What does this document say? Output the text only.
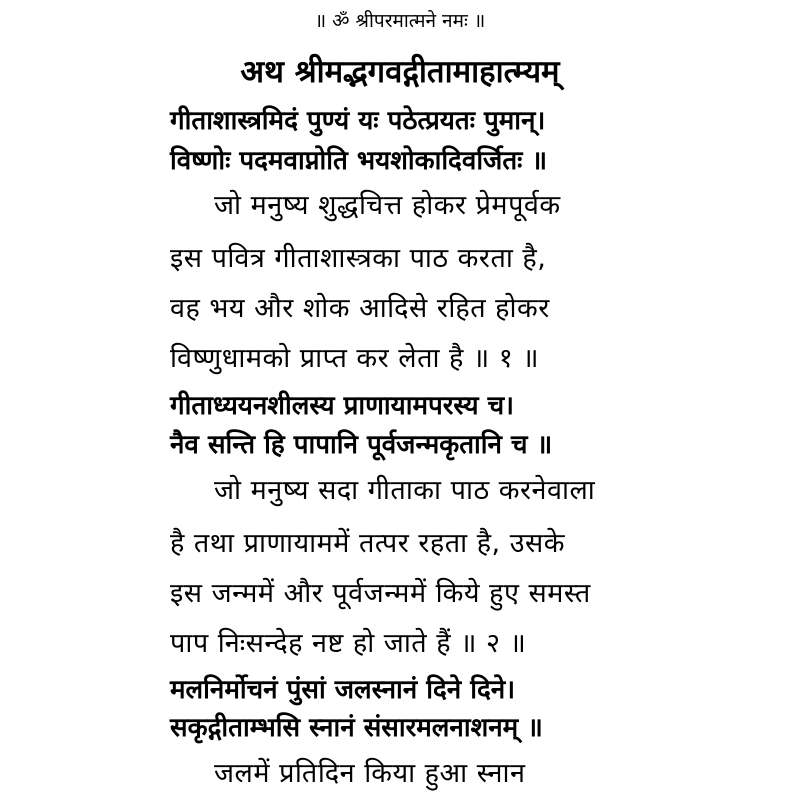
॥ ॐ श्रीपरमात्मने नमः ॥
अथ श्रीमद्भगवद्गीतामाहात्म्यम्
गीताशास्त्रमिदं पुण्यं यः पठेत्प्रयतः पुमान्।
विष्णोः पदमवाप्नोति भयशोकादिवर्जितः ॥
जो मनुष्य शुद्धचित्त होकर प्रेमपूर्वक
इस पवित्र गीताशास्त्रका पाठ करता है,
वह भय और शोक आदिसे रहित होकर
विष्णुधामको प्राप्त कर लेता है ॥ १ ॥
गीताध्ययनशीलस्य प्राणायामपरस्य च।
नैव सन्ति हि पापानि पूर्वजन्मकृतानि च ॥
जो मनुष्य सदा गीताका पाठ करनेवाला
है तथा प्राणायाममें तत्पर रहता है, उसके
इस जन्ममें और पूर्वजन्ममें किये हुए समस्त
पाप निःसन्देह नष्ट हो जाते हैं ॥ २ ॥
मलनिर्मोचनं पुंसां जलस्नानं दिने दिने।
सकृद्गीताम्भसि स्नानं संसारमलनाशनम् ॥
जलमें प्रतिदिन किया हुआ स्नान
